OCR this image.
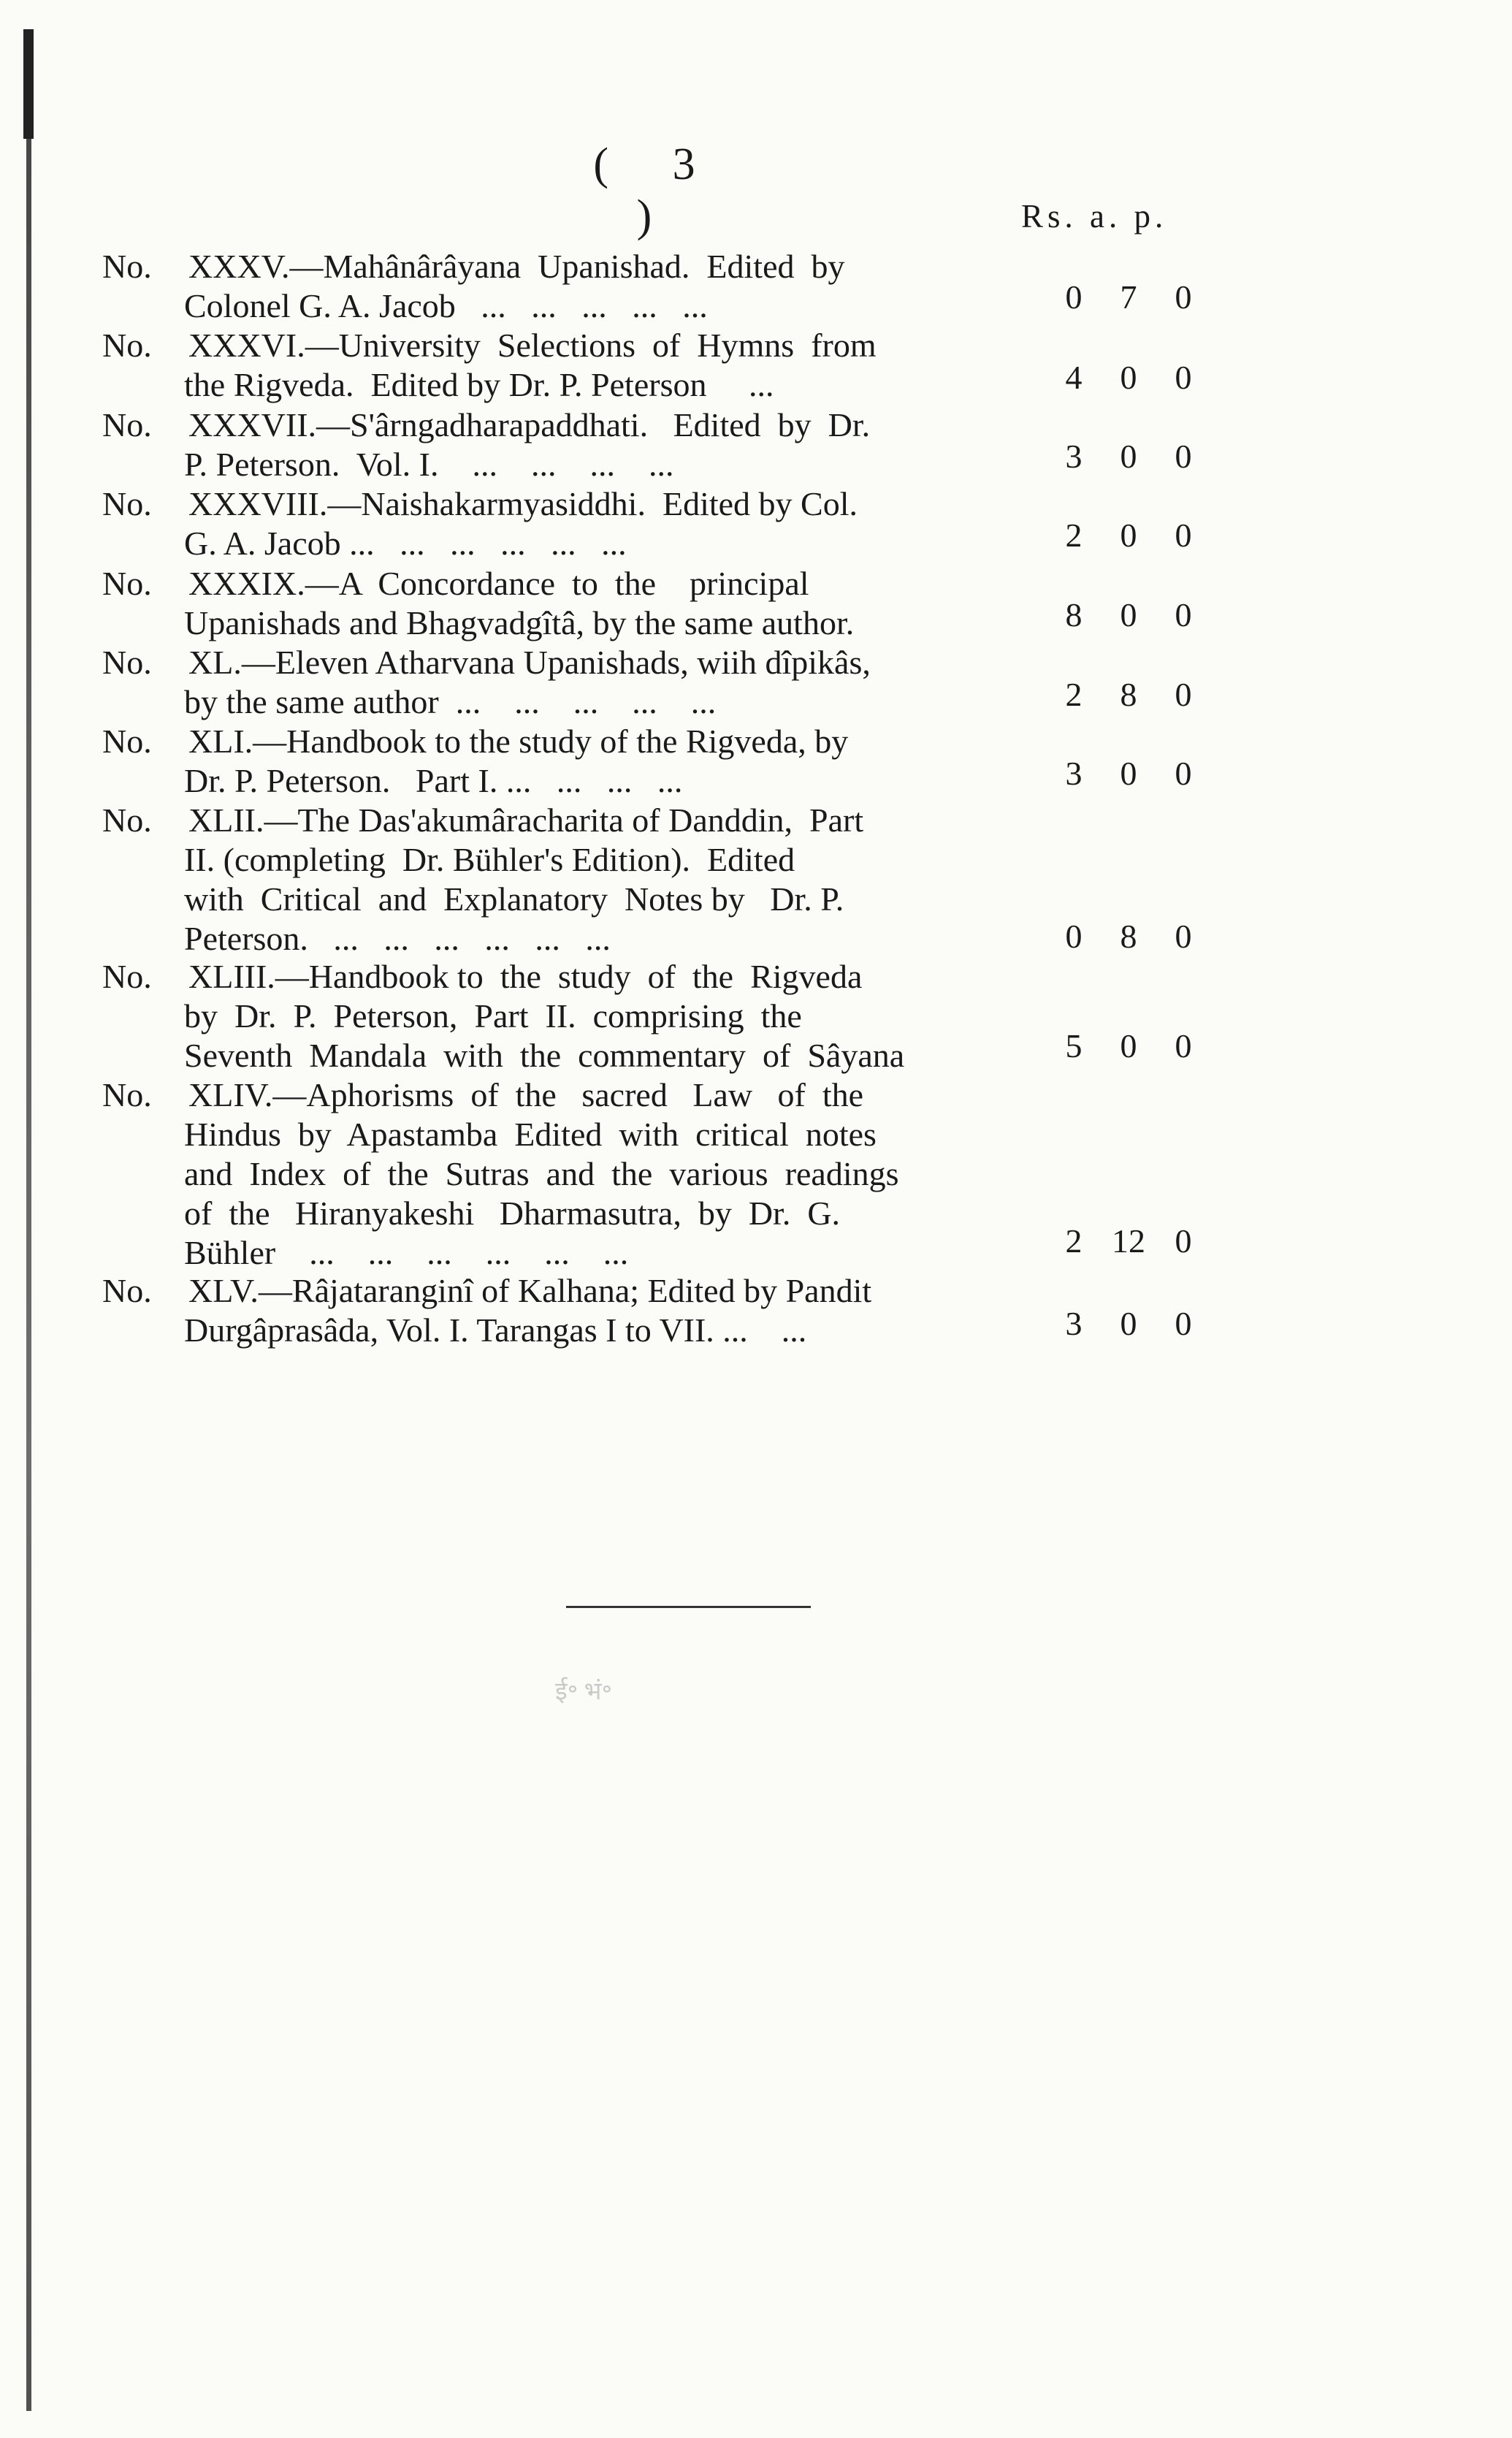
( 3 )	Rs. a. p.
No.	XXXV.—Mahânârâyana  Upanishad.  Edited  by
Colonel G. A. Jacob   ...   ...   ...   ...   ...	0	7	0
No.	XXXVI.—University  Selections  of  Hymns  from
the Rigveda.  Edited by Dr. P. Peterson     ...	4	0	0
No.	XXXVII.—S'ârngadharapaddhati.   Edited  by  Dr.
P. Peterson.  Vol. I.    ...    ...    ...    ...	3	0	0
No.	XXXVIII.—Naishakarmyasiddhi.  Edited by Col.
G. A. Jacob ...   ...   ...   ...   ...   ...	2	0	0
No.	XXXIX.—A  Concordance  to  the    principal
Upanishads and Bhagvadgîtâ, by the same author.	8	0	0
No.	XL.—Eleven Atharvana Upanishads, wiih dîpikâs,
by the same author  ...    ...    ...    ...    ...	2	8	0
No.	XLI.—Handbook to the study of the Rigveda, by
Dr. P. Peterson.   Part I. ...   ...   ...   ...	3	0	0
No.	XLII.—The Das'akumâracharita of Danddin,  Part
II. (completing  Dr. Bühler's Edition).  Edited
with  Critical  and  Explanatory  Notes by   Dr. P.
Peterson.   ...   ...   ...   ...   ...   ...	0	8	0
No.	XLIII.—Handbook to  the  study  of  the  Rigveda
by  Dr.  P.  Peterson,  Part  II.  comprising  the
Seventh  Mandala  with  the  commentary  of  Sâyana	5	0	0
No.	XLIV.—Aphorisms  of  the   sacred   Law   of  the
Hindus  by  Apastamba  Edited  with  critical  notes
and  Index  of  the  Sutras  and  the  various  readings
of  the   Hiranyakeshi   Dharmasutra,  by  Dr.  G.
Bühler    ...    ...    ...    ...    ...    ...	2 12 0
No.	XLV.—Râjataranginî of Kalhana; Edited by Pandit
Durgâprasâda, Vol. I. Tarangas I to VII. ...    ...	3	0	0
ई॰ भं॰
